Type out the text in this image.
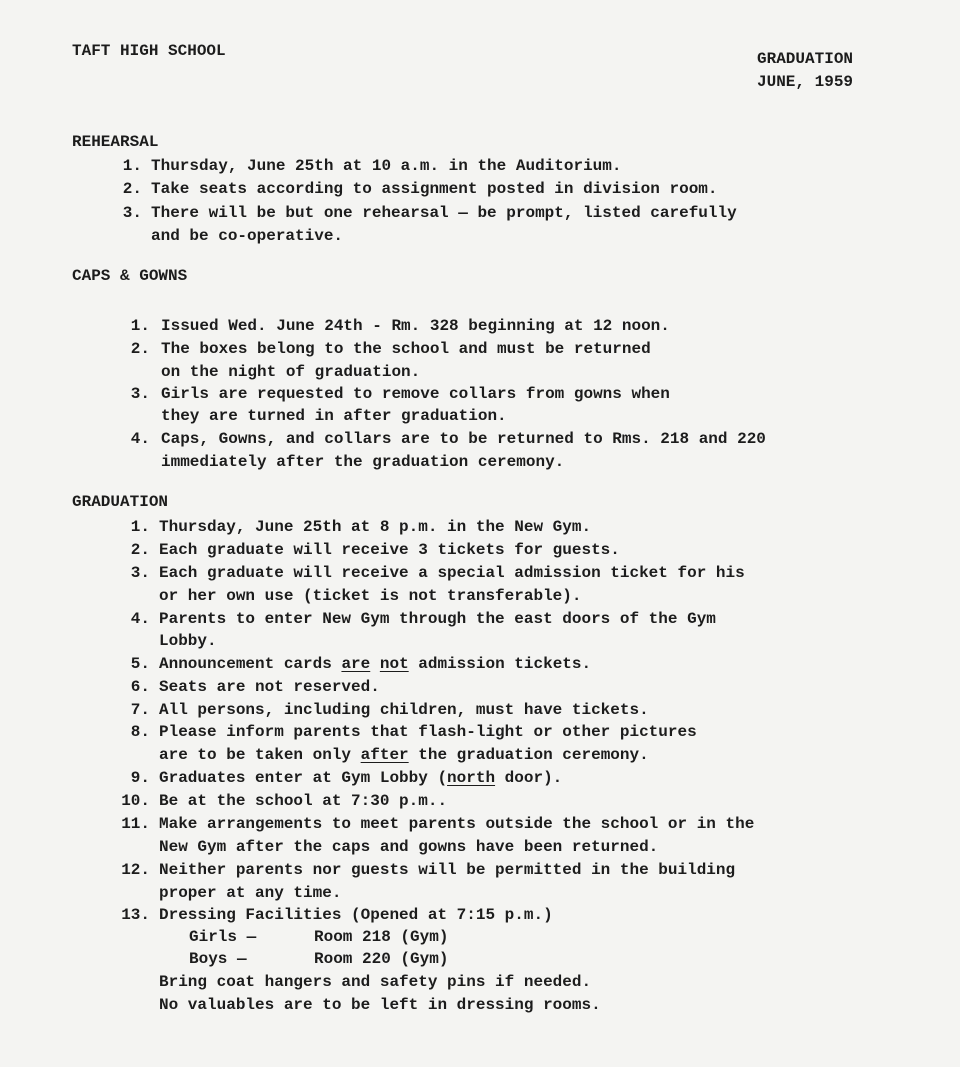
TAFT HIGH SCHOOL	GRADUATION
JUNE, 1959
REHEARSAL
1. Thursday, June 25th at 10 a.m. in the Auditorium.
2. Take seats according to assignment posted in division room.
3. There will be but one rehearsal — be prompt, listed carefully
and be co-operative.
CAPS & GOWNS
1. Issued Wed. June 24th - Rm. 328 beginning at 12 noon.
2. The boxes belong to the school and must be returned
on the night of graduation.
3. Girls are requested to remove collars from gowns when
they are turned in after graduation.
4. Caps, Gowns, and collars are to be returned to Rms. 218 and 220
immediately after the graduation ceremony.
GRADUATION
1. Thursday, June 25th at 8 p.m. in the New Gym.
2. Each graduate will receive 3 tickets for guests.
3. Each graduate will receive a special admission ticket for his
or her own use (ticket is not transferable).
4. Parents to enter New Gym through the east doors of the Gym
Lobby.
5. Announcement cards are not admission tickets.
6. Seats are not reserved.
7. All persons, including children, must have tickets.
8. Please inform parents that flash-light or other pictures
are to be taken only after the graduation ceremony.
9. Graduates enter at Gym Lobby (north door).
10. Be at the school at 7:30 p.m..
11. Make arrangements to meet parents outside the school or in the
New Gym after the caps and gowns have been returned.
12. Neither parents nor guests will be permitted in the building
proper at any time.
13. Dressing Facilities (Opened at 7:15 p.m.)
Girls —	Room 218 (Gym)
Boys —	Room 220 (Gym)
Bring coat hangers and safety pins if needed.
No valuables are to be left in dressing rooms.
